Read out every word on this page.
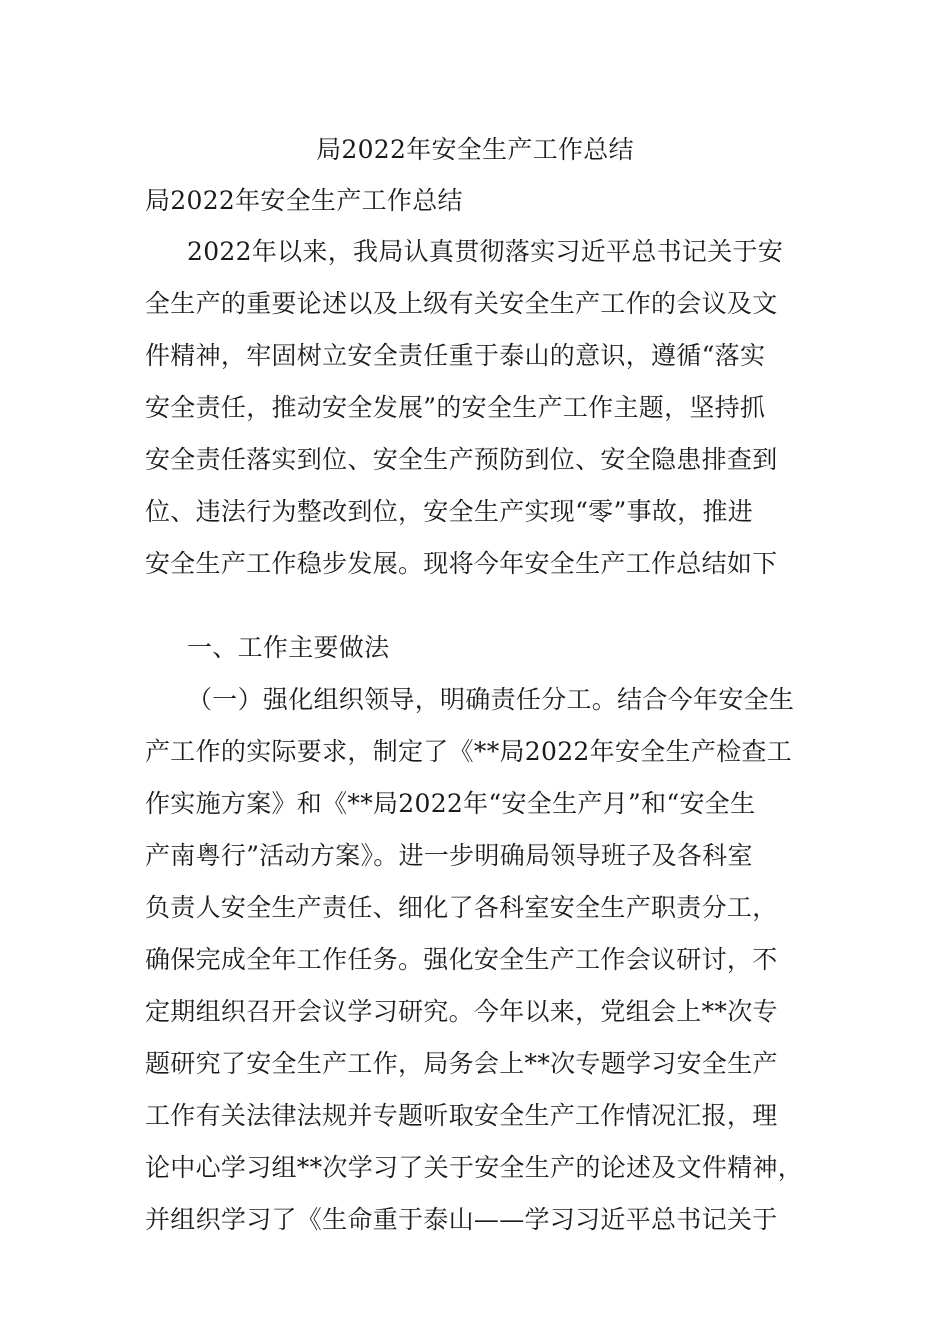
局2022年安全生产工作总结
局2022年安全生产工作总结
2022年以来，我局认真贯彻落实习近平总书记关于安
全生产的重要论述以及上级有关安全生产工作的会议及文
件精神，牢固树立安全责任重于泰山的意识，遵循“落实
安全责任，推动安全发展”的安全生产工作主题，坚持抓
安全责任落实到位、安全生产预防到位、安全隐患排查到
位、违法行为整改到位，安全生产实现“零”事故，推进
安全生产工作稳步发展。现将今年安全生产工作总结如下
一、工作主要做法
（一）强化组织领导，明确责任分工。结合今年安全生
产工作的实际要求，制定了《**局2022年安全生产检查工
作实施方案》和《**局2022年“安全生产月”和“安全生
产南粤行”活动方案》。进一步明确局领导班子及各科室
负责人安全生产责任、细化了各科室安全生产职责分工，
确保完成全年工作任务。强化安全生产工作会议研讨，不
定期组织召开会议学习研究。今年以来，党组会上**次专
题研究了安全生产工作，局务会上**次专题学习安全生产
工作有关法律法规并专题听取安全生产工作情况汇报，理
论中心学习组**次学习了关于安全生产的论述及文件精神，
并组织学习了《生命重于泰山——学习习近平总书记关于
